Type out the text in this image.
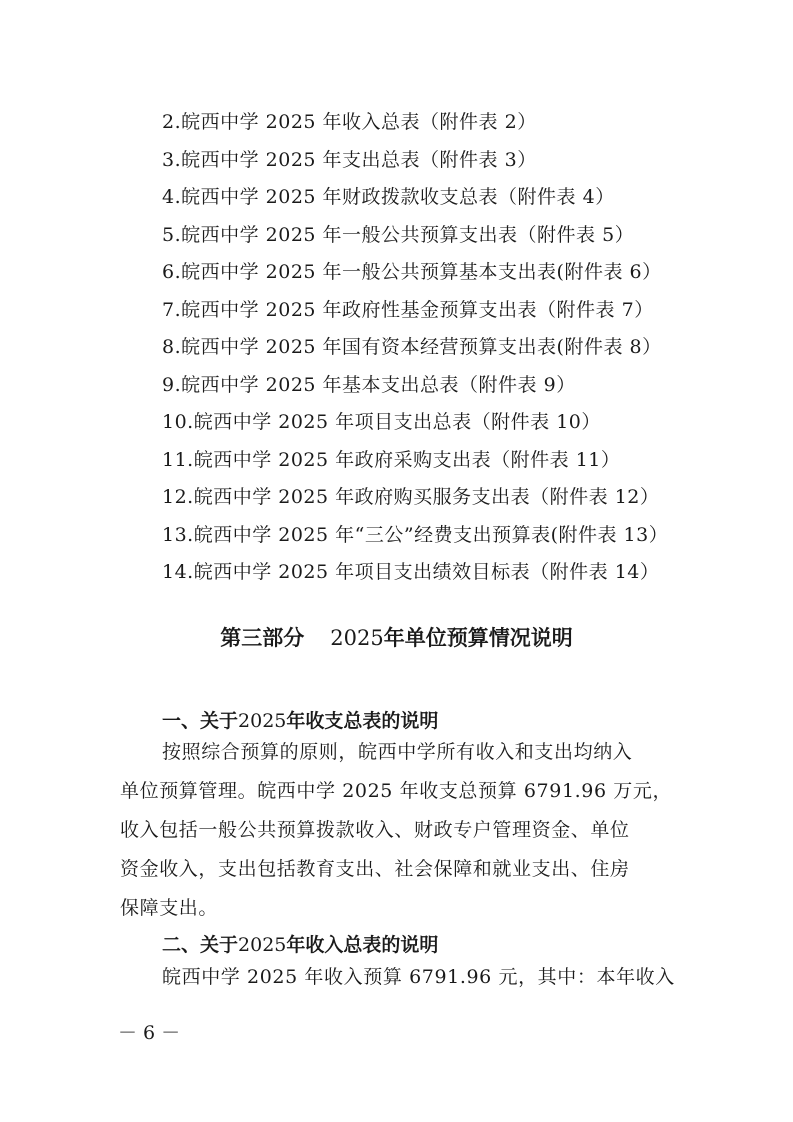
2.皖西中学 2025 年收入总表（附件表 2）
3.皖西中学 2025 年支出总表（附件表 3）
4.皖西中学 2025 年财政拨款收支总表（附件表 4）
5.皖西中学 2025 年一般公共预算支出表（附件表 5）
6.皖西中学 2025 年一般公共预算基本支出表(附件表 6）
7.皖西中学 2025 年政府性基金预算支出表（附件表 7）
8.皖西中学 2025 年国有资本经营预算支出表(附件表 8）
9.皖西中学 2025 年基本支出总表（附件表 9）
10.皖西中学 2025 年项目支出总表（附件表 10）
11.皖西中学 2025 年政府采购支出表（附件表 11）
12.皖西中学 2025 年政府购买服务支出表（附件表 12）
13.皖西中学 2025 年“三公”经费支出预算表(附件表 13）
14.皖西中学 2025 年项目支出绩效目标表（附件表 14）
第三部分 2025年单位预算情况说明
一、关于2025年收支总表的说明

按照综合预算的原则，皖西中学所有收入和支出均纳入
单位预算管理。皖西中学 2025 年收支总预算 6791.96 万元，
收入包括一般公共预算拨款收入、财政专户管理资金、单位
资金收入，支出包括教育支出、社会保障和就业支出、住房
保障支出。

二、关于2025年收入总表的说明

皖西中学 2025 年收入预算 6791.96 元，其中：本年收入

－ 6 －
